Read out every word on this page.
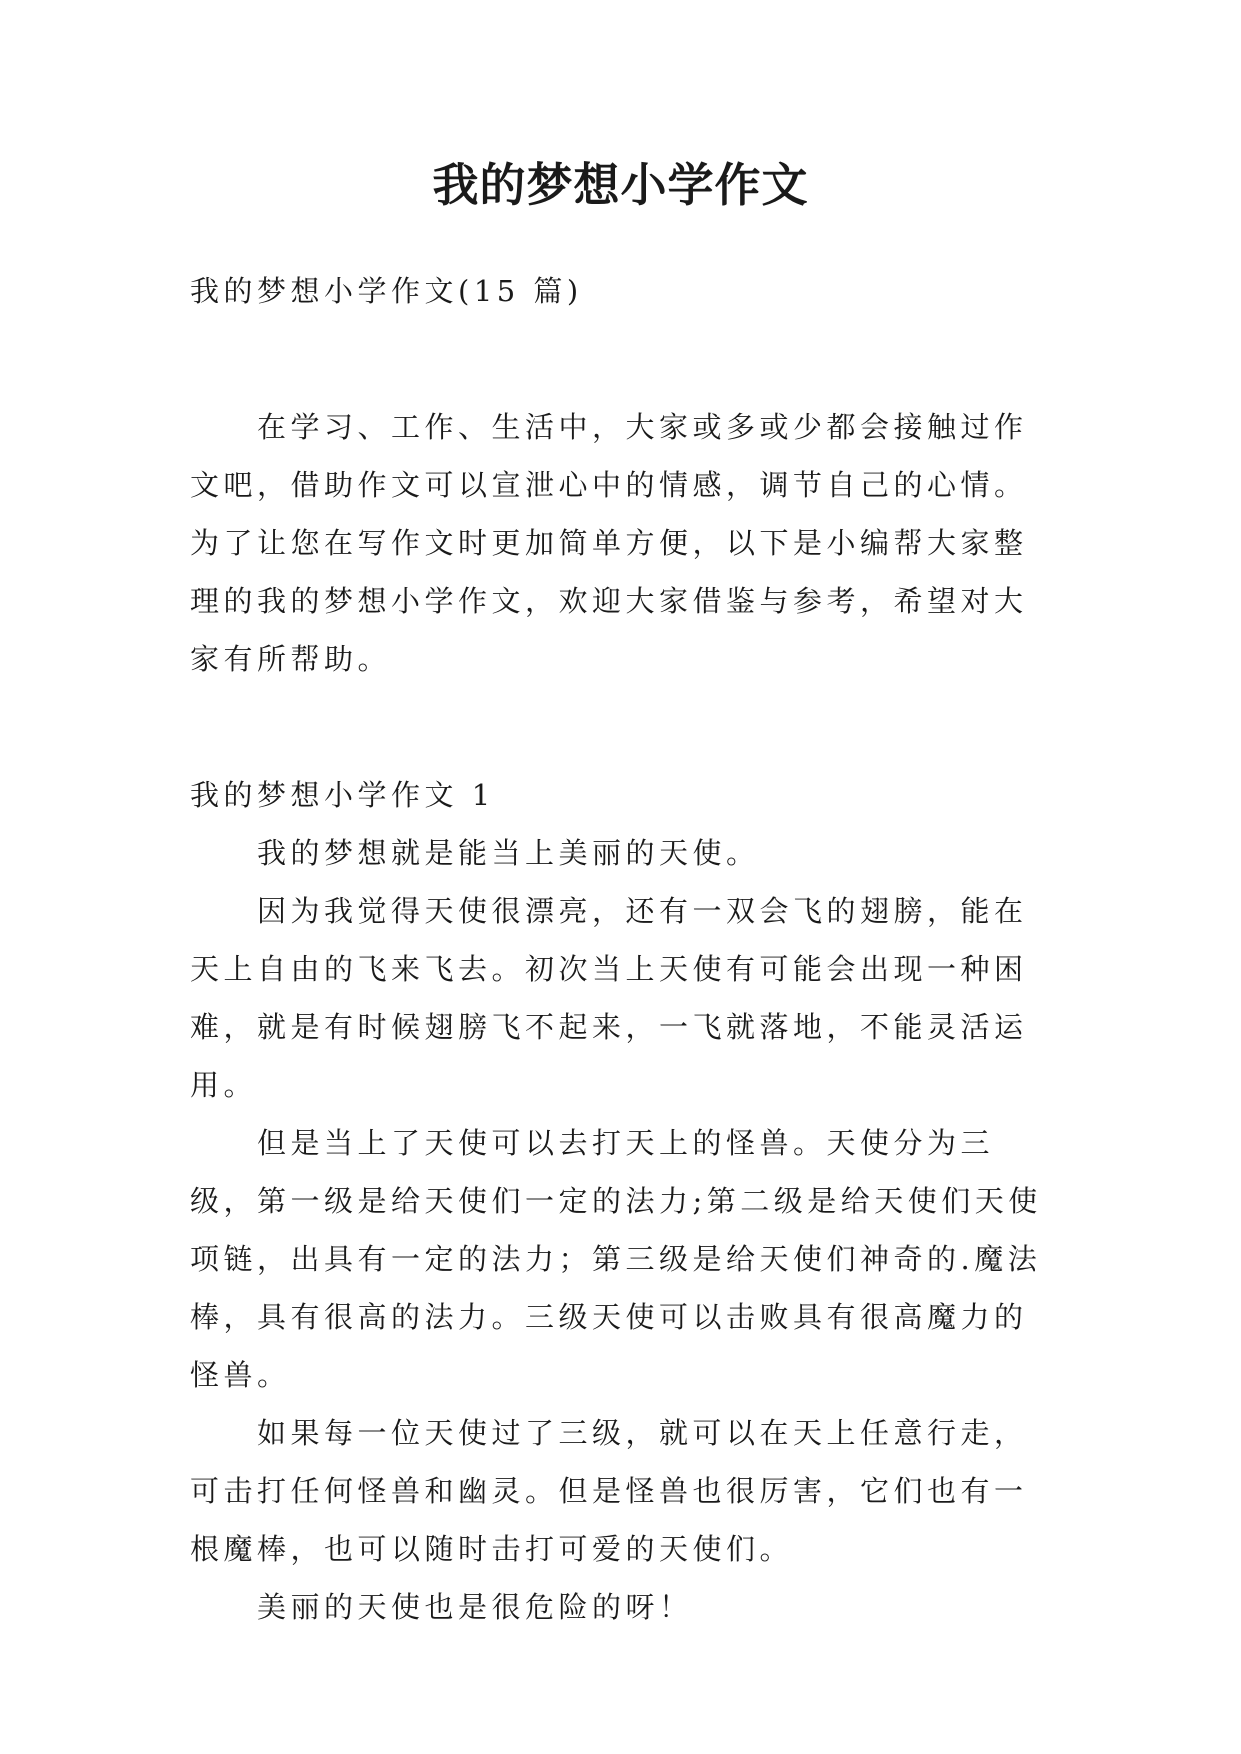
我的梦想小学作文

我的梦想小学作文(15 篇)

在学习、工作、生活中，大家或多或少都会接触过作文吧，借助作文可以宣泄心中的情感，调节自己的心情。为了让您在写作文时更加简单方便，以下是小编帮大家整理的我的梦想小学作文，欢迎大家借鉴与参考，希望对大家有所帮助。

我的梦想小学作文 1

我的梦想就是能当上美丽的天使。

因为我觉得天使很漂亮，还有一双会飞的翅膀，能在天上自由的飞来飞去。初次当上天使有可能会出现一种困难，就是有时候翅膀飞不起来，一飞就落地，不能灵活运用。

但是当上了天使可以去打天上的怪兽。天使分为三级，第一级是给天使们一定的法力;第二级是给天使们天使项链，出具有一定的法力；第三级是给天使们神奇的.魔法棒，具有很高的法力。三级天使可以击败具有很高魔力的怪兽。

如果每一位天使过了三级，就可以在天上任意行走，可击打任何怪兽和幽灵。但是怪兽也很厉害，它们也有一根魔棒，也可以随时击打可爱的天使们。

美丽的天使也是很危险的呀！
